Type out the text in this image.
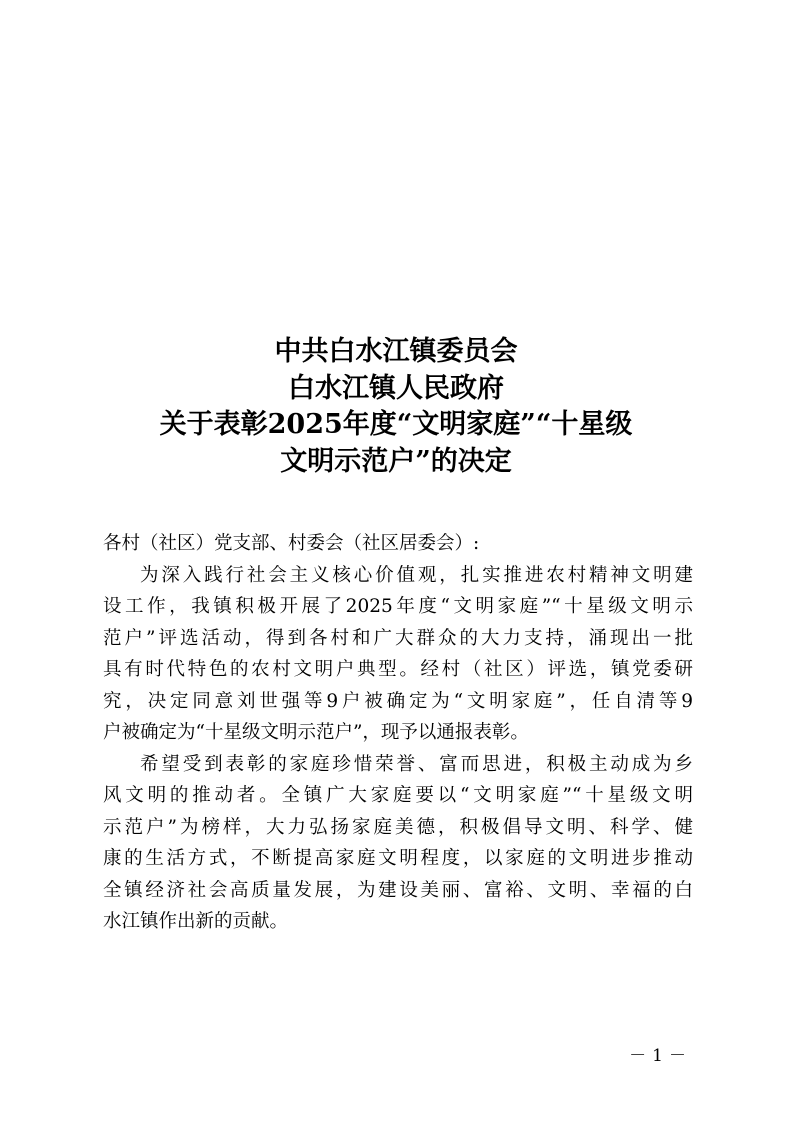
中共白水江镇委员会
白水江镇人民政府
关于表彰2025年度“文明家庭”“十星级
文明示范户”的决定

各村（社区）党支部、村委会（社区居委会）:

为深入践行社会主义核心价值观，扎实推进农村精神文明建
设工作，我镇积极开展了2025年度“文明家庭”“十星级文明示
范户”评选活动，得到各村和广大群众的大力支持，涌现出一批
具有时代特色的农村文明户典型。经村（社区）评选，镇党委研
究，决定同意刘世强等9户被确定为“文明家庭”，任自清等9
户被确定为“十星级文明示范户”，现予以通报表彰。

希望受到表彰的家庭珍惜荣誉、富而思进，积极主动成为乡
风文明的推动者。全镇广大家庭要以“文明家庭”“十星级文明
示范户”为榜样，大力弘扬家庭美德，积极倡导文明、科学、健
康的生活方式，不断提高家庭文明程度，以家庭的文明进步推动
全镇经济社会高质量发展，为建设美丽、富裕、文明、幸福的白
水江镇作出新的贡献。

－1－
